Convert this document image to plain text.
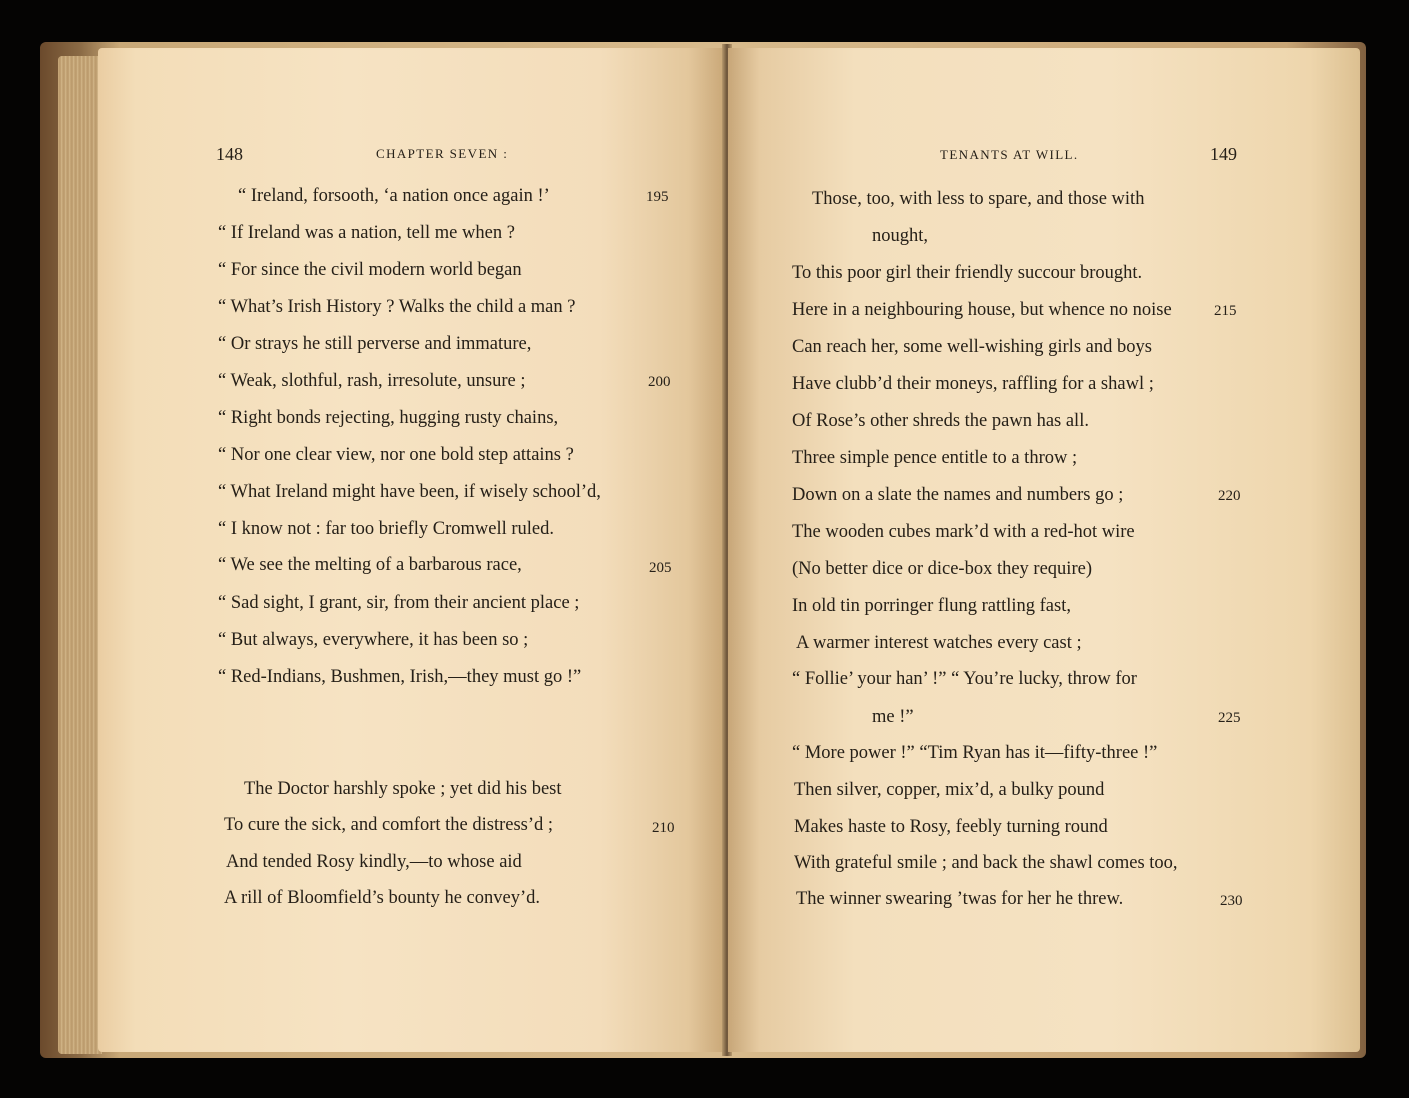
148	CHAPTER SEVEN :
“ Ireland, forsooth, ‘a nation once again !’	195
“ If Ireland was a nation, tell me when ?
“ For since the civil modern world began
“ What’s Irish History ? Walks the child a man ?
“ Or strays he still perverse and immature,
“ Weak, slothful, rash, irresolute, unsure ;	200
“ Right bonds rejecting, hugging rusty chains,
“ Nor one clear view, nor one bold step attains ?
“ What Ireland might have been, if wisely school’d,
“ I know not : far too briefly Cromwell ruled.
“ We see the melting of a barbarous race,	205
“ Sad sight, I grant, sir, from their ancient place ;
“ But always, everywhere, it has been so ;
“ Red-Indians, Bushmen, Irish,—they must go !”
The Doctor harshly spoke ; yet did his best
To cure the sick, and comfort the distress’d ;	210
And tended Rosy kindly,—to whose aid
A rill of Bloomfield’s bounty he convey’d.
TENANTS AT WILL.	149
Those, too, with less to spare, and those with
nought,
To this poor girl their friendly succour brought.
Here in a neighbouring house, but whence no noise	215
Can reach her, some well-wishing girls and boys
Have clubb’d their moneys, raffling for a shawl ;
Of Rose’s other shreds the pawn has all.
Three simple pence entitle to a throw ;
Down on a slate the names and numbers go ;	220
The wooden cubes mark’d with a red-hot wire
(No better dice or dice-box they require)
In old tin porringer flung rattling fast,
A warmer interest watches every cast ;
“ Follie’ your han’ !” “ You’re lucky, throw for
me !”	225
“ More power !” “Tim Ryan has it—fifty-three !”
Then silver, copper, mix’d, a bulky pound
Makes haste to Rosy, feebly turning round
With grateful smile ; and back the shawl comes too,
The winner swearing ’twas for her he threw.	230
